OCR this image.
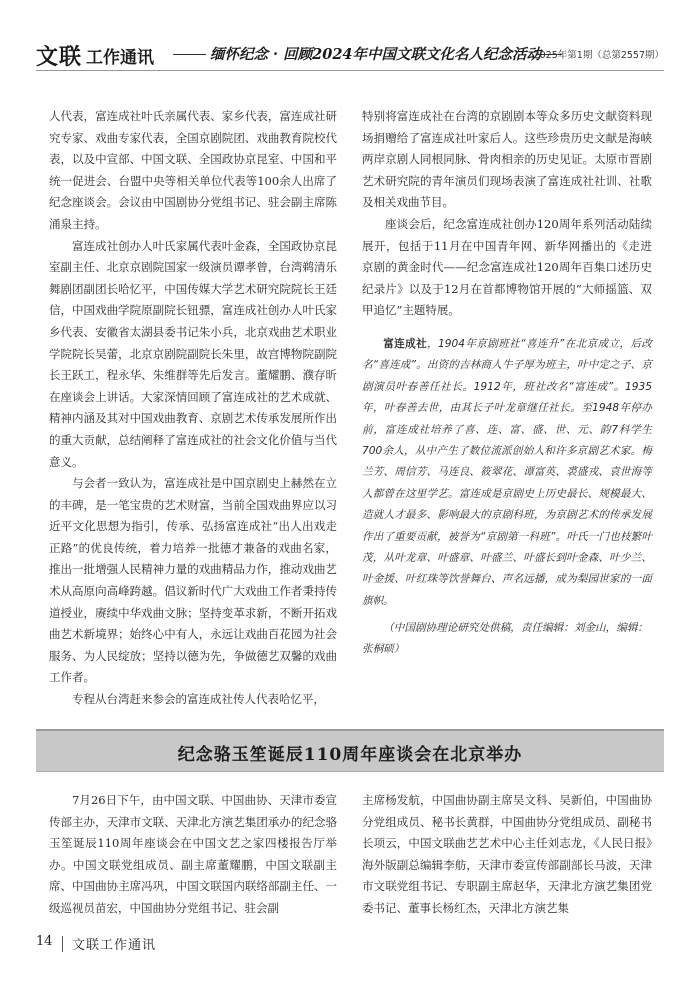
文联 工作通讯	缅怀纪念 · 回顾2024年中国文联文化名人纪念活动
2025年第1期（总第2557期）

人代表，富连成社叶氏亲属代表、家乡代表，富连成社研究专家、戏曲专家代表，全国京剧院团、戏曲教育院校代表，以及中宣部、中国文联、全国政协京昆室、中国和平统一促进会、台盟中央等相关单位代表等100余人出席了纪念座谈会。会议由中国剧协分党组书记、驻会副主席陈涌泉主持。

富连成社创办人叶氏家属代表叶金森，全国政协京昆室副主任、北京京剧院国家一级演员谭孝曾，台湾鹈清乐舞剧团副团长哈忆平，中国传媒大学艺术研究院院长王廷信，中国戏曲学院原副院长钮骠，富连成社创办人叶氏家乡代表、安徽省太湖县委书记朱小兵，北京戏曲艺术职业学院院长吴蕾，北京京剧院副院长朱里，故宫博物院副院长王跃工，程永华、朱维群等先后发言。董耀鹏、濮存昕在座谈会上讲话。大家深情回顾了富连成社的艺术成就、精神内涵及其对中国戏曲教育、京剧艺术传承发展所作出的重大贡献，总结阐释了富连成社的社会文化价值与当代意义。

与会者一致认为，富连成社是中国京剧史上赫然在立的丰碑，是一笔宝贵的艺术财富，当前全国戏曲界应以习近平文化思想为指引，传承、弘扬富连成社“出人出戏走正路”的优良传统，着力培养一批德才兼备的戏曲名家，推出一批增强人民精神力量的戏曲精品力作，推动戏曲艺术从高原向高峰跨越。倡议新时代广大戏曲工作者秉持传道授业，赓续中华戏曲文脉；坚持变革求新，不断开拓戏曲艺术新境界；始终心中有人，永远让戏曲百花园为社会服务、为人民绽放；坚持以德为先，争做德艺双馨的戏曲工作者。

专程从台湾赶来参会的富连成社传人代表哈忆平，

特别将富连成社在台湾的京剧剧本等众多历史文献资料现场捐赠给了富连成社叶家后人。这些珍贵历史文献是海峡两岸京剧人同根同脉、骨肉相亲的历史见证。太原市晋剧艺术研究院的青年演员们现场表演了富连成社社训、社歌及相关戏曲节目。

座谈会后，纪念富连成社创办120周年系列活动陆续展开，包括于11月在中国青年网、新华网播出的《走进京剧的黄金时代——纪念富连成社120周年百集口述历史纪录片》以及于12月在首都博物馆开展的“大师摇篮、双甲追忆”主题特展。

富连成社，1904年京剧班社“喜连升”在北京成立，后改名“喜连成”。出资的吉林商人牛子厚为班主，叶中定之子、京剧演员叶春善任社长。1912年，班社改名“富连成”。1935年，叶春善去世，由其长子叶龙章继任社长。至1948年停办前，富连成社培养了喜、连、富、盛、世、元、韵7科学生700余人，从中产生了数位流派创始人和许多京剧艺术家。梅兰芳、周信芳、马连良、筱翠花、谭富英、裘盛戎、袁世海等人都曾在这里学艺。富连成是京剧史上历史最长、规模最大、造就人才最多、影响最大的京剧科班，为京剧艺术的传承发展作出了重要贡献，被誉为“京剧第一科班”。叶氏一门也枝繁叶茂，从叶龙章、叶盛章、叶盛兰、叶盛长到叶金森、叶少兰、叶金援、叶红珠等饮誉舞台、声名远播，成为梨园世家的一面旗帜。

（中国剧协理论研究处供稿，责任编辑：刘金山，编辑：张桐硕）
纪念骆玉笙诞辰110周年座谈会在北京举办

7月26日下午，由中国文联、中国曲协、天津市委宣传部主办，天津市文联、天津北方演艺集团承办的纪念骆玉笙诞辰110周年座谈会在中国文艺之家四楼报告厅举办。中国文联党组成员、副主席董耀鹏，中国文联副主席、中国曲协主席冯巩，中国文联国内联络部副主任、一级巡视员苗宏，中国曲协分党组书记、驻会副

主席杨发航，中国曲协副主席吴文科、吴新伯，中国曲协分党组成员、秘书长黄群，中国曲协分党组成员、副秘书长项云，中国文联曲艺艺术中心主任刘志龙，《人民日报》海外版副总编辑李舫，天津市委宣传部副部长马波，天津市文联党组书记、专职副主席赵华，天津北方演艺集团党委书记、董事长杨红杰，天津北方演艺集

14 文联工作通讯
